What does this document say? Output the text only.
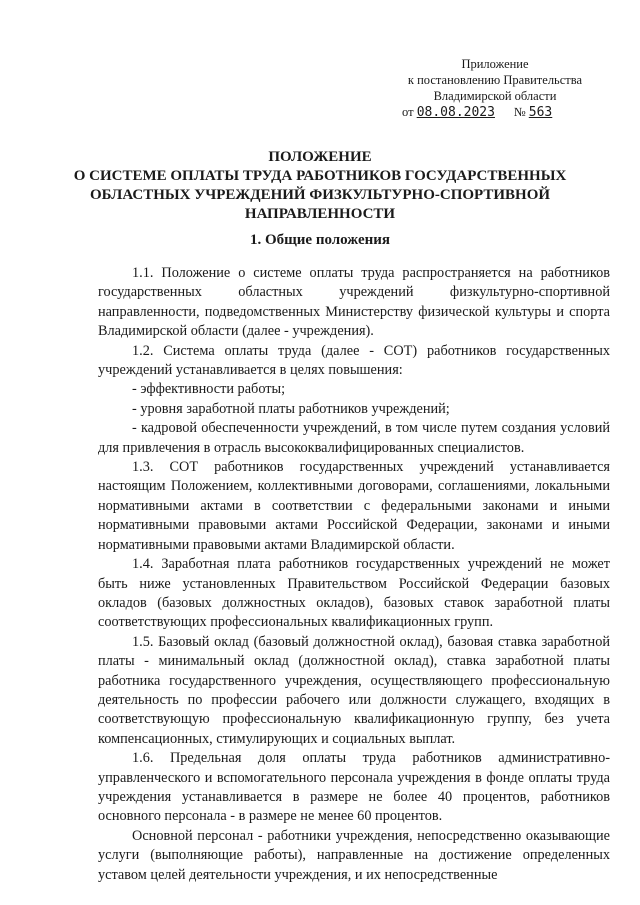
Приложение
к постановлению Правительства
Владимирской области
от 08.08.2023 № 563
ПОЛОЖЕНИЕ
О СИСТЕМЕ ОПЛАТЫ ТРУДА РАБОТНИКОВ ГОСУДАРСТВЕННЫХ
ОБЛАСТНЫХ УЧРЕЖДЕНИЙ ФИЗКУЛЬТУРНО-СПОРТИВНОЙ
НАПРАВЛЕННОСТИ
1. Общие положения

1.1. Положение о системе оплаты труда распространяется на работников государственных областных учреждений физкультурно-спортивной направленности, подведомственных Министерству физической культуры и спорта Владимирской области (далее - учреждения).

1.2. Система оплаты труда (далее - СОТ) работников государственных учреждений устанавливается в целях повышения:

- эффективности работы;

- уровня заработной платы работников учреждений;

- кадровой обеспеченности учреждений, в том числе путем создания условий для привлечения в отрасль высококвалифицированных специалистов.

1.3. СОТ работников государственных учреждений устанавливается настоящим Положением, коллективными договорами, соглашениями, локальными нормативными актами в соответствии с федеральными законами и иными нормативными правовыми актами Российской Федерации, законами и иными нормативными правовыми актами Владимирской области.

1.4. Заработная плата работников государственных учреждений не может быть ниже установленных Правительством Российской Федерации базовых окладов (базовых должностных окладов), базовых ставок заработной платы соответствующих профессиональных квалификационных групп.

1.5. Базовый оклад (базовый должностной оклад), базовая ставка заработной платы - минимальный оклад (должностной оклад), ставка заработной платы работника государственного учреждения, осуществляющего профессиональную деятельность по профессии рабочего или должности служащего, входящих в соответствующую профессиональную квалификационную группу, без учета компенсационных, стимулирующих и социальных выплат.

1.6. Предельная доля оплаты труда работников административно-управленческого и вспомогательного персонала учреждения в фонде оплаты труда учреждения устанавливается в размере не более 40 процентов, работников основного персонала - в размере не менее 60 процентов.

Основной персонал - работники учреждения, непосредственно оказывающие услуги (выполняющие работы), направленные на достижение определенных уставом целей деятельности учреждения, и их непосредственные
